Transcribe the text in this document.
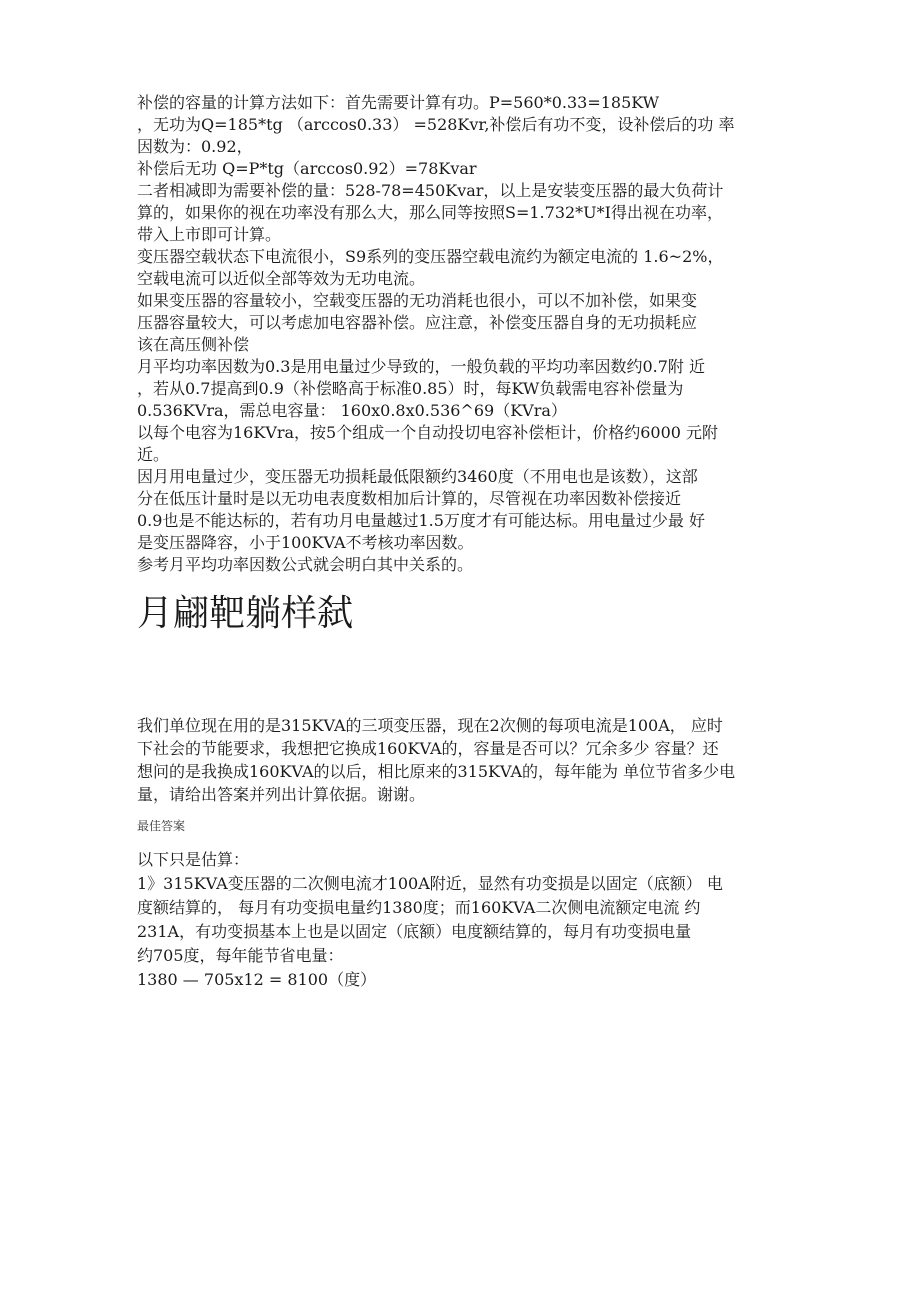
补偿的容量的计算方法如下：首先需要计算有功。P=560*0.33=185KW
，无功为Q=185*tg （arccos0.33） =528Kvr,补偿后有功不变，设补偿后的功 率
因数为：0.92，
补偿后无功 Q=P*tg（arccos0.92）=78Kvar
二者相减即为需要补偿的量：528-78=450Kvar，以上是安装变压器的最大负荷计
算的，如果你的视在功率没有那么大，那么同等按照S=1.732*U*I得出视在功率，
带入上市即可计算。
变压器空载状态下电流很小，S9系列的变压器空载电流约为额定电流的 1.6~2%，
空载电流可以近似全部等效为无功电流。
如果变压器的容量较小，空载变压器的无功消耗也很小，可以不加补偿，如果变
压器容量较大，可以考虑加电容器补偿。应注意，补偿变压器自身的无功损耗应
该在高压侧补偿
月平均功率因数为0.3是用电量过少导致的，一般负载的平均功率因数约0.7附 近
，若从0.7提高到0.9（补偿略高于标准0.85）时，每KW负载需电容补偿量为
0.536KVra，需总电容量： 160x0.8x0.536^69（KVra）
以每个电容为16KVra，按5个组成一个自动投切电容补偿柜计，价格约6000 元附
近。
因月用电量过少，变压器无功损耗最低限额约3460度（不用电也是该数），这部
分在低压计量时是以无功电表度数相加后计算的，尽管视在功率因数补偿接近
0.9也是不能达标的，若有功月电量越过1.5万度才有可能达标。用电量过少最 好
是变压器降容，小于100KVA不考核功率因数。
参考月平均功率因数公式就会明白其中关系的。
月翩靶躺样弑
我们单位现在用的是315KVA的三项变压器，现在2次侧的每项电流是100A， 应时
下社会的节能要求，我想把它换成160KVA的，容量是否可以？冗余多少 容量？还
想问的是我换成160KVA的以后，相比原来的315KVA的，每年能为 单位节省多少电
量，请给出答案并列出计算依据。谢谢。
最佳答案
以下只是估算：
1》315KVA变压器的二次侧电流才100A附近，显然有功变损是以固定（底额） 电
度额结算的， 每月有功变损电量约1380度；而160KVA二次侧电流额定电流 约
231A，有功变损基本上也是以固定（底额）电度额结算的，每月有功变损电量
约705度，每年能节省电量：
1380 — 705x12 = 8100（度）
